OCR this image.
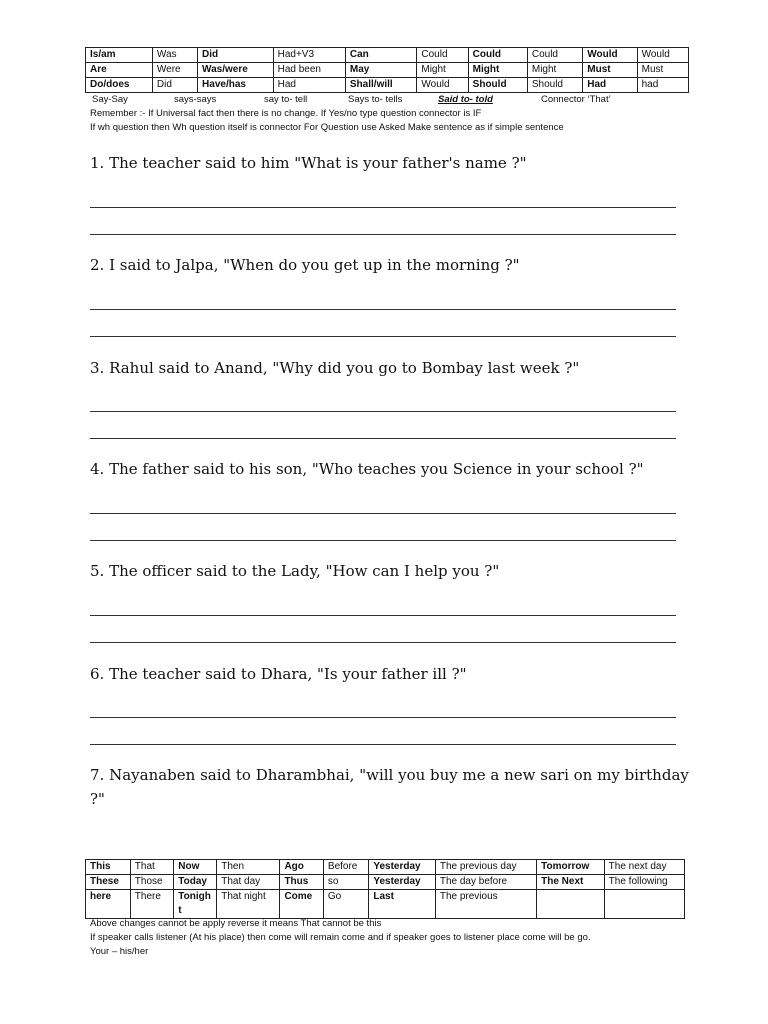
Is/am	Was	Did	Had+V3	Can	Could	Could	Could	Would	Would
Are	Were	Was/were	Had been	May	Might	Might	Might	Must	Must
Do/does	Did	Have/has	Had	Shall/will	Would	Should	Should	Had	had
Say-Say	says-says	say to- tell	Says to- tells	Said to- told	Connector ‘That’
Remember :- If Universal fact then there is no change. If Yes/no type question connector is IF
If wh question then Wh question itself is connector For Question use Asked Make sentence as if simple sentence
1. The teacher said to him "What is your father's name ?"
2. I said to Jalpa, "When do you get up in the morning ?"
3. Rahul said to Anand, "Why did you go to Bombay last week ?"
4. The father said to his son, "Who teaches you Science in your school ?"
5. The officer said to the Lady, "How can I help you ?"
6. The teacher said to Dhara, "Is your father ill ?"
7. Nayanaben said to Dharambhai, "will you buy me a new sari on my birthday ?"
This	That	Now	Then	Ago	Before	Yesterday	The previous day	Tomorrow	The next day
These	Those	Today	That day	Thus	so	Yesterday	The day before	The Next	The following
here	There	Tonight	That night	Come	Go	Last	The previous		
Above changes cannot be apply reverse it means That cannot be this
If speaker calls listener (At his place) then come will remain come and if speaker goes to listener place come will be go.
Your – his/her
